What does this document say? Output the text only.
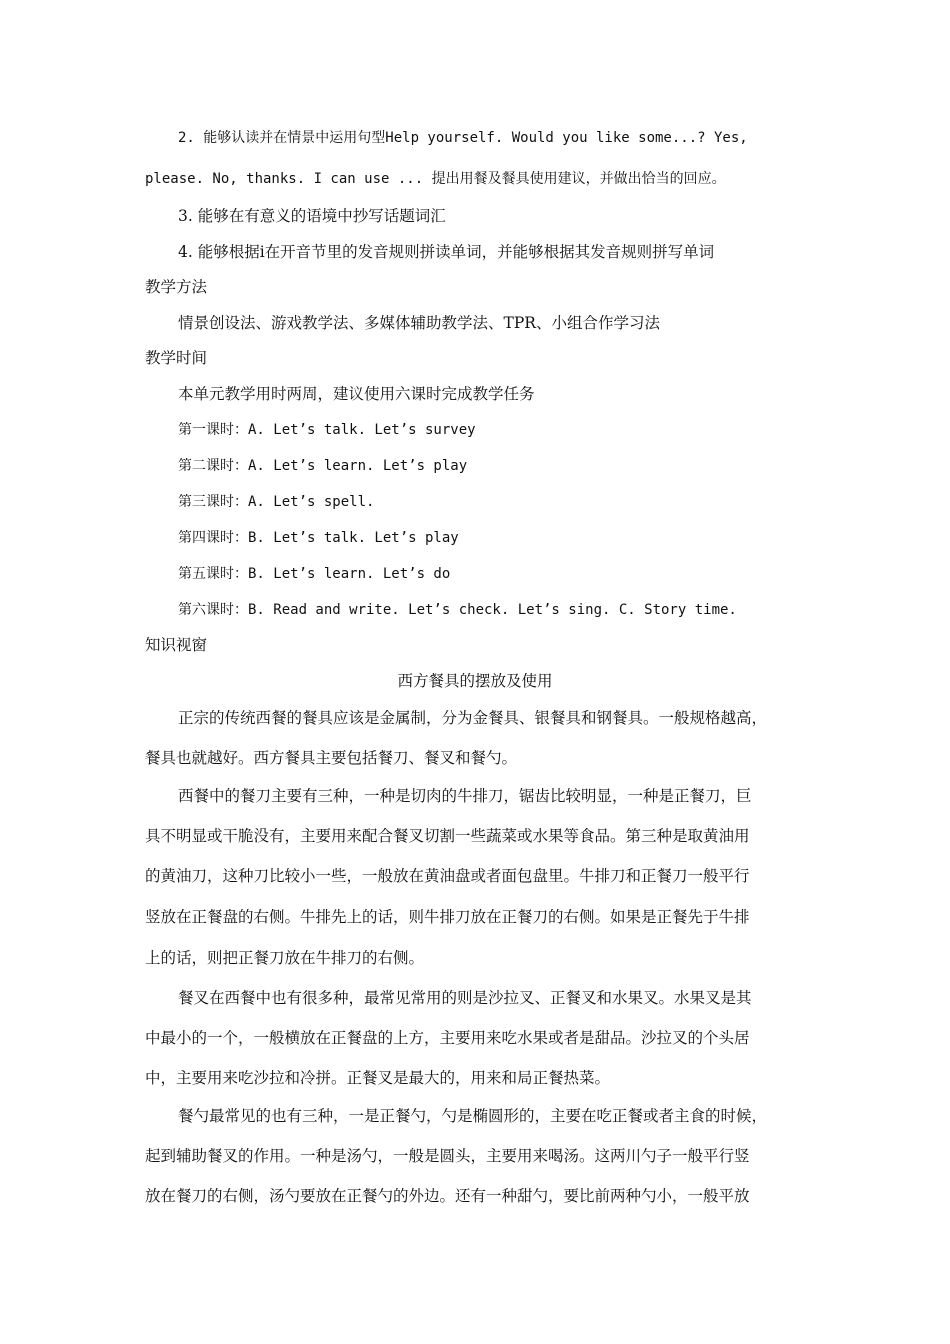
2. 能够认读并在情景中运用句型Help yourself. Would you like some...? Yes,
please. No, thanks. I can use ... 提出用餐及餐具使用建议，并做出恰当的回应。
3. 能够在有意义的语境中抄写话题词汇
4. 能够根据i在开音节里的发音规则拼读单词，并能够根据其发音规则拼写单词
教学方法
情景创设法、游戏教学法、多媒体辅助教学法、TPR、小组合作学习法
教学时间
本单元教学用时两周，建议使用六课时完成教学任务
第一课时：A. Let’s talk. Let’s survey
第二课时：A. Let’s learn. Let’s play
第三课时：A. Let’s spell.
第四课时：B. Let’s talk. Let’s play
第五课时：B. Let’s learn. Let’s do
第六课时：B. Read and write. Let’s check. Let’s sing. C. Story time.
知识视窗
西方餐具的摆放及使用
正宗的传统西餐的餐具应该是金属制，分为金餐具、银餐具和钢餐具。一般规格越高，
餐具也就越好。西方餐具主要包括餐刀、餐叉和餐勺。
西餐中的餐刀主要有三种，一种是切肉的牛排刀，锯齿比较明显，一种是正餐刀，巨
具不明显或干脆没有，主要用来配合餐叉切割一些蔬菜或水果等食品。第三种是取黄油用
的黄油刀，这种刀比较小一些，一般放在黄油盘或者面包盘里。牛排刀和正餐刀一般平行
竖放在正餐盘的右侧。牛排先上的话，则牛排刀放在正餐刀的右侧。如果是正餐先于牛排
上的话，则把正餐刀放在牛排刀的右侧。
餐叉在西餐中也有很多种，最常见常用的则是沙拉叉、正餐叉和水果叉。水果叉是其
中最小的一个，一般横放在正餐盘的上方，主要用来吃水果或者是甜品。沙拉叉的个头居
中，主要用来吃沙拉和冷拼。正餐叉是最大的，用来和局正餐热菜。
餐勺最常见的也有三种，一是正餐勺，勺是椭圆形的，主要在吃正餐或者主食的时候，
起到辅助餐叉的作用。一种是汤勺，一般是圆头，主要用来喝汤。这两川勺子一般平行竖
放在餐刀的右侧，汤勺要放在正餐勺的外边。还有一种甜勺，要比前两种勺小，一般平放
